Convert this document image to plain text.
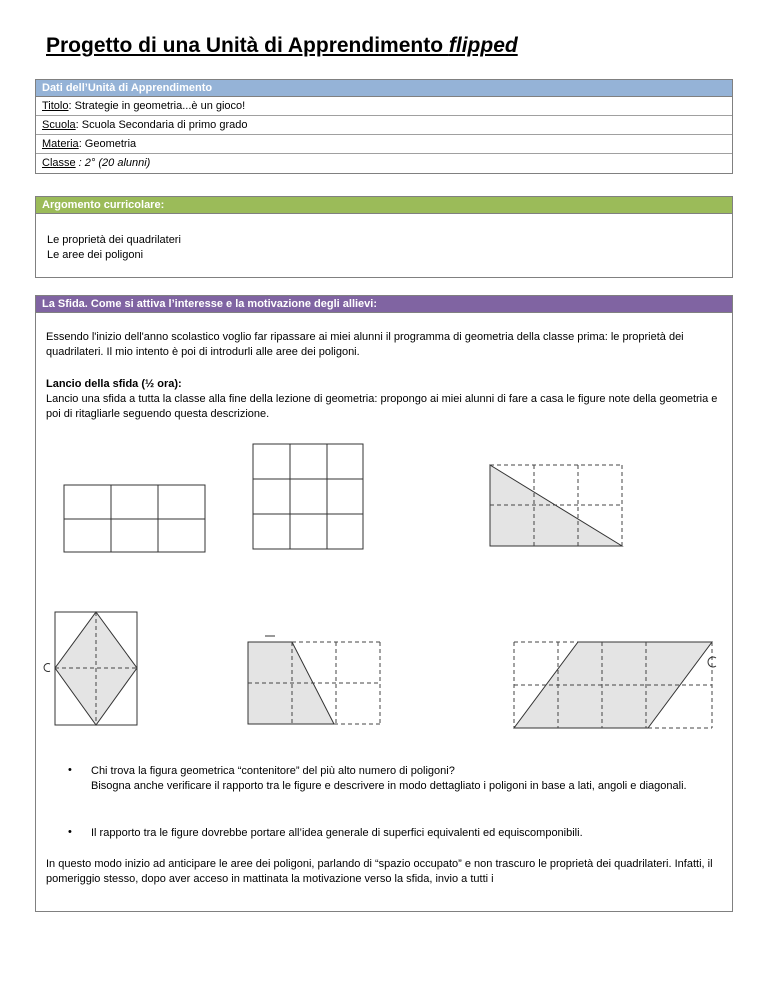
Progetto di una Unità di Apprendimento flipped
Dati dell’Unità di Apprendimento
Titolo: Strategie in geometria...è un gioco!
Scuola: Scuola Secondaria di primo grado
Materia: Geometria
Classe : 2° (20 alunni)
Argomento curricolare:
Le proprietà dei quadrilateri
Le aree dei poligoni
La Sfida. Come si attiva l’interesse e la motivazione degli allievi:
Essendo l'inizio dell'anno scolastico voglio far ripassare ai miei alunni il programma di geometria della classe prima: le proprietà dei quadrilateri. Il mio intento è poi di introdurli alle aree dei poligoni.
Lancio della sfida (½ ora):
Lancio una sfida a tutta la classe alla fine della lezione di geometria: propongo ai miei alunni di fare a casa le figure note della geometria e poi di ritagliarle seguendo questa descrizione.
• Chi trova la figura geometrica “contenitore” del più alto numero di poligoni?
Bisogna anche verificare il rapporto tra le figure e descrivere in modo dettagliato i poligoni in base a lati, angoli e diagonali.
• Il rapporto tra le figure dovrebbe portare all’idea generale di superfici equivalenti ed equiscomponibili.
In questo modo inizio ad anticipare le aree dei poligoni, parlando di “spazio occupato” e non trascuro le proprietà dei quadrilateri. Infatti, il pomeriggio stesso, dopo aver acceso in mattinata la motivazione verso la sfida, invio a tutti i
